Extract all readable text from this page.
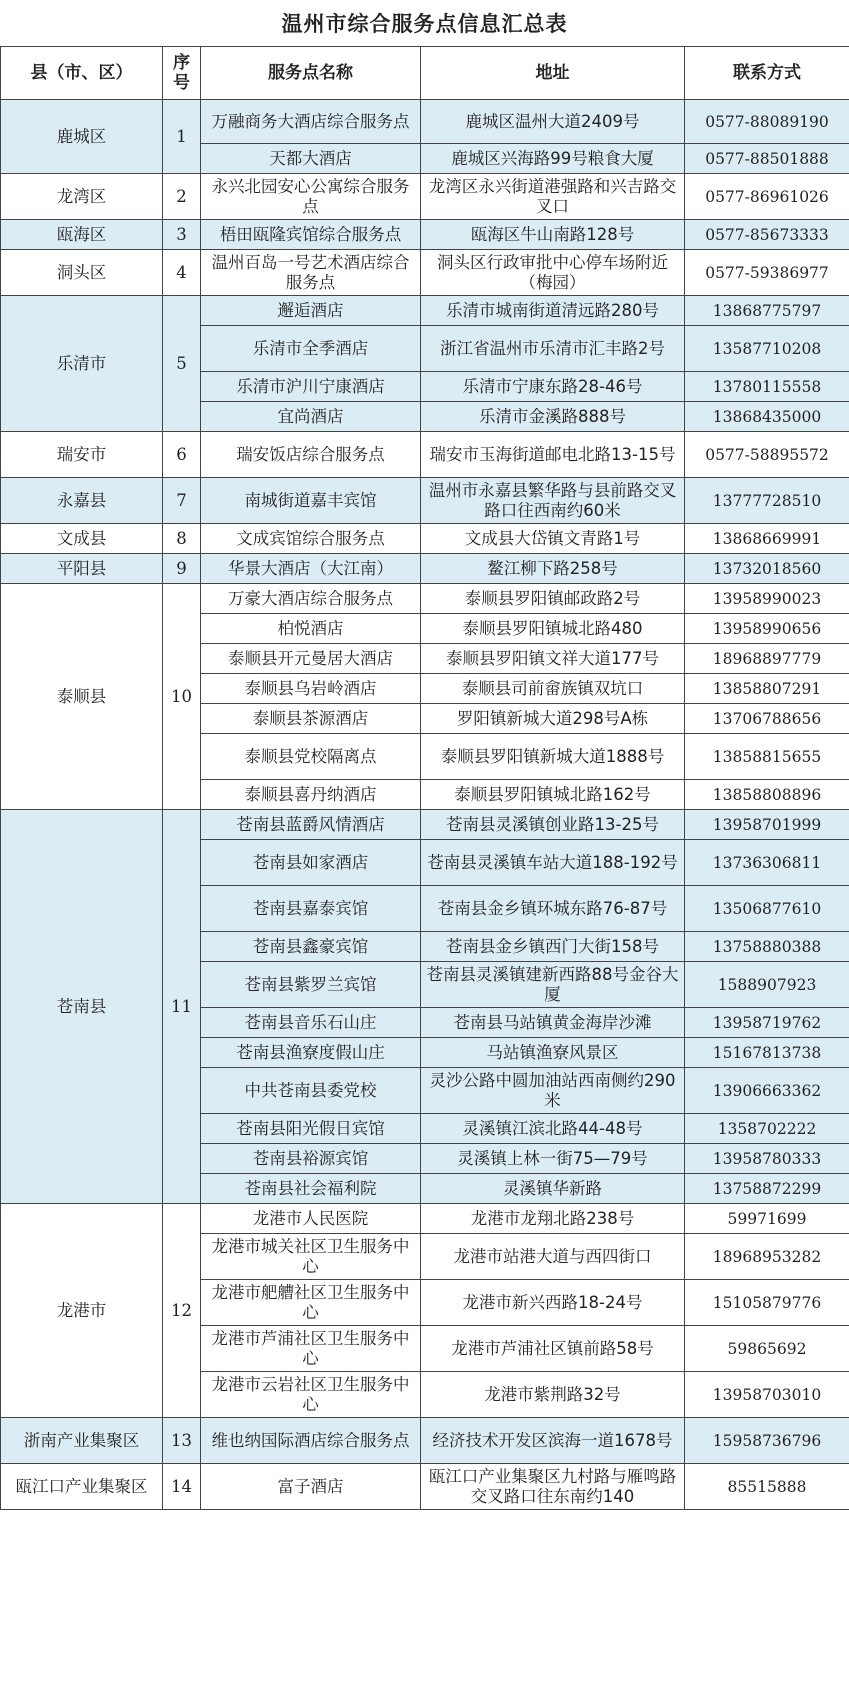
温州市综合服务点信息汇总表
县（市、区）	序号	服务点名称	地址	联系方式
鹿城区	1	万融商务大酒店综合服务点	鹿城区温州大道2409号	0577-88089190
		天都大酒店	鹿城区兴海路99号粮食大厦	0577-88501888
龙湾区	2	永兴北园安心公寓综合服务点	龙湾区永兴街道港强路和兴吉路交叉口	0577-86961026
瓯海区	3	梧田瓯隆宾馆综合服务点	瓯海区牛山南路128号	0577-85673333
洞头区	4	温州百岛一号艺术酒店综合服务点	洞头区行政审批中心停车场附近（梅园）	0577-59386977
乐清市	5	邂逅酒店	乐清市城南街道清远路280号	13868775797
		乐清市全季酒店	浙江省温州市乐清市汇丰路2号	13587710208
		乐清市沪川宁康酒店	乐清市宁康东路28-46号	13780115558
		宜尚酒店	乐清市金溪路888号	13868435000
瑞安市	6	瑞安饭店综合服务点	瑞安市玉海街道邮电北路13-15号	0577-58895572
永嘉县	7	南城街道嘉丰宾馆	温州市永嘉县繁华路与县前路交叉路口往西南约60米	13777728510
文成县	8	文成宾馆综合服务点	文成县大岱镇文青路1号	13868669991
平阳县	9	华景大酒店（大江南）	鳌江柳下路258号	13732018560
泰顺县	10	万豪大酒店综合服务点	泰顺县罗阳镇邮政路2号	13958990023
		柏悦酒店	泰顺县罗阳镇城北路480	13958990656
		泰顺县开元曼居大酒店	泰顺县罗阳镇文祥大道177号	18968897779
		泰顺县乌岩岭酒店	泰顺县司前畲族镇双坑口	13858807291
		泰顺县茶源酒店	罗阳镇新城大道298号A栋	13706788656
		泰顺县党校隔离点	泰顺县罗阳镇新城大道1888号	13858815655
		泰顺县喜丹纳酒店	泰顺县罗阳镇城北路162号	13858808896
苍南县	11	苍南县蓝爵风情酒店	苍南县灵溪镇创业路13-25号	13958701999
		苍南县如家酒店	苍南县灵溪镇车站大道188-192号	13736306811
		苍南县嘉泰宾馆	苍南县金乡镇环城东路76-87号	13506877610
		苍南县鑫豪宾馆	苍南县金乡镇西门大街158号	13758880388
		苍南县紫罗兰宾馆	苍南县灵溪镇建新西路88号金谷大厦	1588907923
		苍南县音乐石山庄	苍南县马站镇黄金海岸沙滩	13958719762
		苍南县渔寮度假山庄	马站镇渔寮风景区	15167813738
		中共苍南县委党校	灵沙公路中圆加油站西南侧约290米	13906663362
		苍南县阳光假日宾馆	灵溪镇江滨北路44-48号	1358702222
		苍南县裕源宾馆	灵溪镇上林一街75—79号	13958780333
		苍南县社会福利院	灵溪镇华新路	13758872299
龙港市	12	龙港市人民医院	龙港市龙翔北路238号	59971699
		龙港市城关社区卫生服务中心	龙港市站港大道与西四街口	18968953282
		龙港市舥艚社区卫生服务中心	龙港市新兴西路18-24号	15105879776
		龙港市芦浦社区卫生服务中心	龙港市芦浦社区镇前路58号	59865692
		龙港市云岩社区卫生服务中心	龙港市紫荆路32号	13958703010
浙南产业集聚区	13	维也纳国际酒店综合服务点	经济技术开发区滨海一道1678号	15958736796
瓯江口产业集聚区	14	富子酒店	瓯江口产业集聚区九村路与雁鸣路交叉路口往东南约140	85515888
